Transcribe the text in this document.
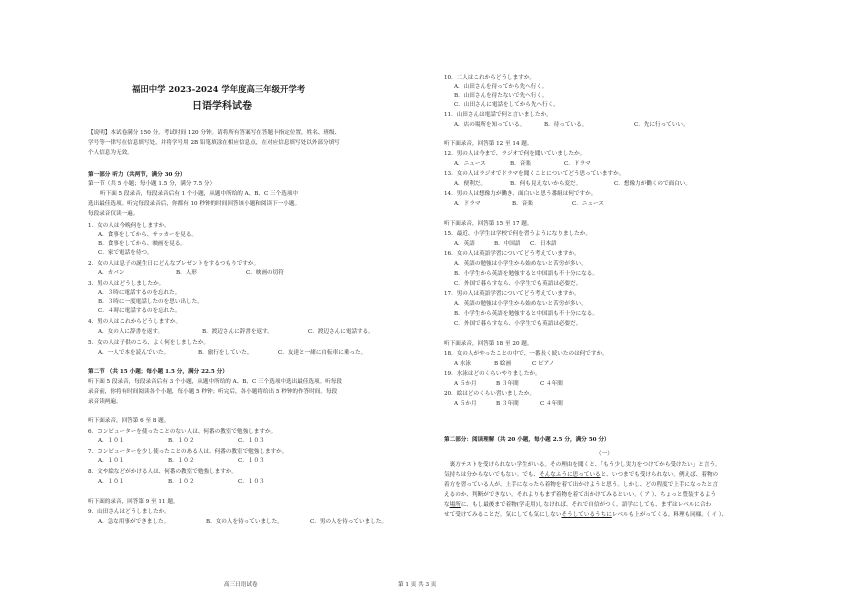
福田中学 2023-2024 学年度高三年级开学考
日语学科试卷
【说明】本试卷满分 150 分，考试时间 120 分钟。请将所有答案写在答题卡指定位置，姓名、班级、
学号等一律写在信息填写处，并将学号用 2B 铅笔填涂在相应信息点，在对应信息填写处以外部分填写
个人信息为无效。
第一部分 听力（共两节，满分 30 分）
第一节（共 5 小题；每小题 1.5 分，满分 7.5 分）
听下面 5 段录音，每段录音后有 1 个小题，从题中所给的 A、B、C 三个选项中
选出最佳选项。听完每段录音后，你都有 10 秒钟的时间回答该小题和阅读下一小题。
每段录音仅读一遍。
1．女の人は今晩何をしますか。
A．食事をしてから、サッカーを見る。
B．食事をしてから、映画を見る。
C．家で電話を待つ。
2．女の人は息子の誕生日にどんなプレゼントをするつもりですか。
A．カバン	B．人形	C．映画の切符
3．男の人はどうしましたか。
A．３時に電話するのを忘れた。
B．３時に一度電話したのを思い出した。
C．４時に電話するのを忘れた。
4．男の人はこれからどうしますか。
A．女の人に辞書を返す。	B．渡辺さんに辞書を返す。	C．渡辺さんに電話する。
5．女の人は子供のころ、よく何をしましたか。
A．一人で本を読んでいた。	B．旅行をしていた。	C．友達と一緒に自転車に乗った。
第二节 （共 15 小题；每小题 1.5 分，满分 22.5 分）
听下面 5 段录音，每段录音后有 3 个小题，从题中所给的 A、B、C 三个选项中选出最佳选项。听每段
录音前，你将有时间阅读各个小题，每小题 5 秒钟；听完后，各小题将给出 5 秒钟的作答时间。每段
录音读两遍。
听下面录音，回答第 6 至 8 题。
6．コンピューターを使ったことのない人は、何番の教室で勉強しますか。
A．１０１	B．１０２	C．１０３
7．コンピューターを少し使ったことのある人は、何番の教室で勉強しますか。
A．１０１	B．１０２	C．１０３
8．文や絵などがかける人は、何番の教室で勉強しますか。
A．１０１	B．１０２	C．１０３
听下面的录音，回答第 9 至 11 题。
9．山田さんはどうしましたか。
A．急な用事ができました。	B．女の人を待っていました。	C．男の人を待っていました。
高三日语试卷
10．二人はこれからどうしますか。
A．山田さんを待ってから先へ行く。
B．山田さんを待たないで先へ行く。
C．山田さんに電話をしてから先へ行く。
11．山田さんは電話で何と言いましたか。
A．店の場所を知っている。	B．待っている。	C．先に行っていい。
听下面录音，回答第 12 至 14 题。
12．男の人は今まで、ラジオで何を聞いていましたか。
A．ニュース	B．音楽	C．ドラマ
13．女の人はラジオでドラマを聞くことについてどう思っていますか。
A．便利だ。	B．何も見えないから変だ。	C．想像力が働くので面白い。
14．男の人は想像力が働き、面白いと思う番組は何ですか。
A．ドラマ	B．音楽	C．ニュース
听下面录音，回答第 15 至 17 题。
15．最近、小学生は学校で何を習うようになりましたか。
A．英語	B．中国語 C．日本語
16．女の人は英語学習についてどう考えていますか。
A．英語の勉強は小学生から始めないと苦労が多い。
B．小学生から英語を勉強すると中国語も不十分になる。
C．外国で暮らすなら、小学生でも英語は必要だ。
17．男の人は英語学習についてどう考えていますか。
A．英語の勉強は小学生から始めないと苦労が多い。
B．小学生から英語を勉強すると中国語も不十分になる。
C．外国で暮らすなら、小学生でも英語は必要だ。
听下面录音，回答第 18 至 20 题。
18．女の人がやったことの中で、一番長く続いたのは何ですか。
A 水泳	B 絵画	C ピアノ
19．水泳はどのくらいやりましたか。
A ５か月	B ３年間	C ４年間
20．絵はどのくらい習いましたか。
A ５か月	B ３年間	C ４年間
第二部分：阅读理解（共 20 小题，每小题 2.5 分，满分 50 分）
（一）
　裏方テストを受けられない学生がいる。その理由を聞くと、「もう少し実力をつけてから受けたい」と言う。
気持ちは分からないでもない。でも、そんなふうに思っていると、いつまでも受けられない。例えば、着物の
着方を習っている人が、上手になったら着物を着て出かけようと思う。しかし、どの程度で上手になったと言
えるのか、判断ができない。それよりもまず着物を着て出かけてみるといい。（ ア ）、ちょっと豊装するよう
な場所に、もし最後まで着物(学走用)しなければ、それで自信がつく。語学にしても、まずはレベルに合わ
せて受けてみることだ。気にしても気にしないそうしているうちにレベルも上がってくる。料理も同様。（ イ ）、
第 1 页 共 3 页
